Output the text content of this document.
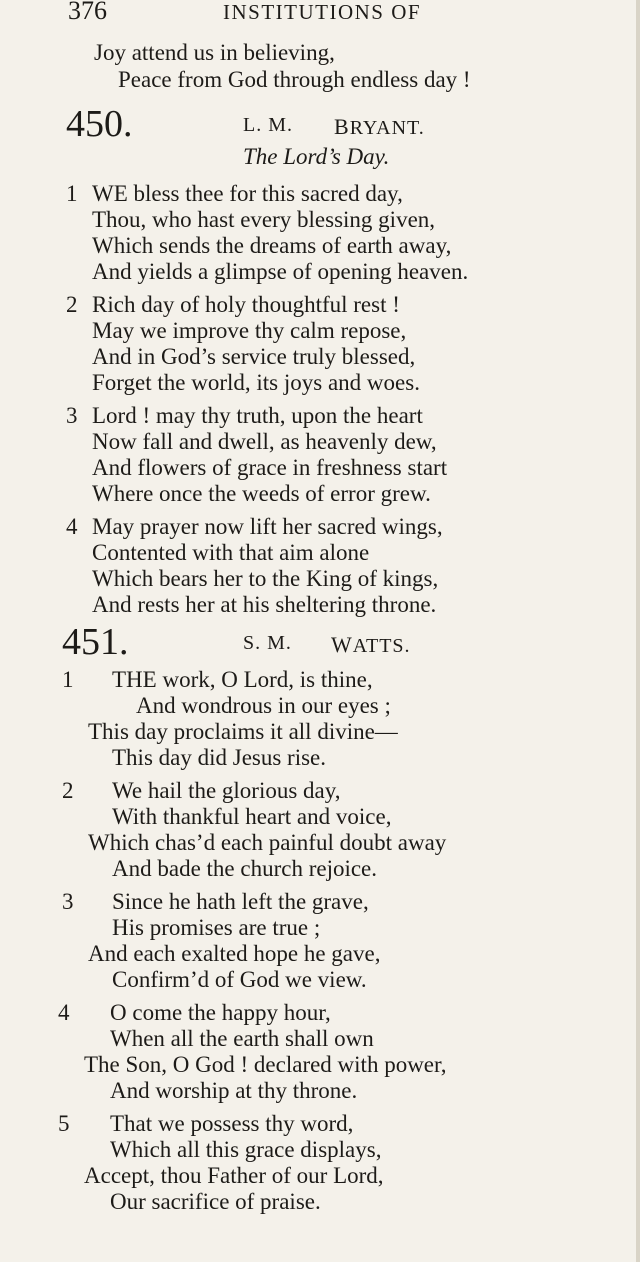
376	INSTITUTIONS OF
Joy attend us in believing,
Peace from God through endless day !
450.	L. M. BRYANT.
The Lord’s Day.
1 WE bless thee for this sacred day,
Thou, who hast every blessing given,
Which sends the dreams of earth away,
And yields a glimpse of opening heaven.
2 Rich day of holy thoughtful rest !
May we improve thy calm repose,
And in God’s service truly blessed,
Forget the world, its joys and woes.
3 Lord ! may thy truth, upon the heart
Now fall and dwell, as heavenly dew,
And flowers of grace in freshness start
Where once the weeds of error grew.
4 May prayer now lift her sacred wings,
Contented with that aim alone
Which bears her to the King of kings,
And rests her at his sheltering throne.
451.	S. M. WATTS.
1 THE work, O Lord, is thine,
And wondrous in our eyes ;
This day proclaims it all divine—
This day did Jesus rise.
2 We hail the glorious day,
With thankful heart and voice,
Which chas’d each painful doubt away
And bade the church rejoice.
3 Since he hath left the grave,
His promises are true ;
And each exalted hope he gave,
Confirm’d of God we view.
4 O come the happy hour,
When all the earth shall own
The Son, O God ! declared with power,
And worship at thy throne.
5 That we possess thy word,
Which all this grace displays,
Accept, thou Father of our Lord,
Our sacrifice of praise.
